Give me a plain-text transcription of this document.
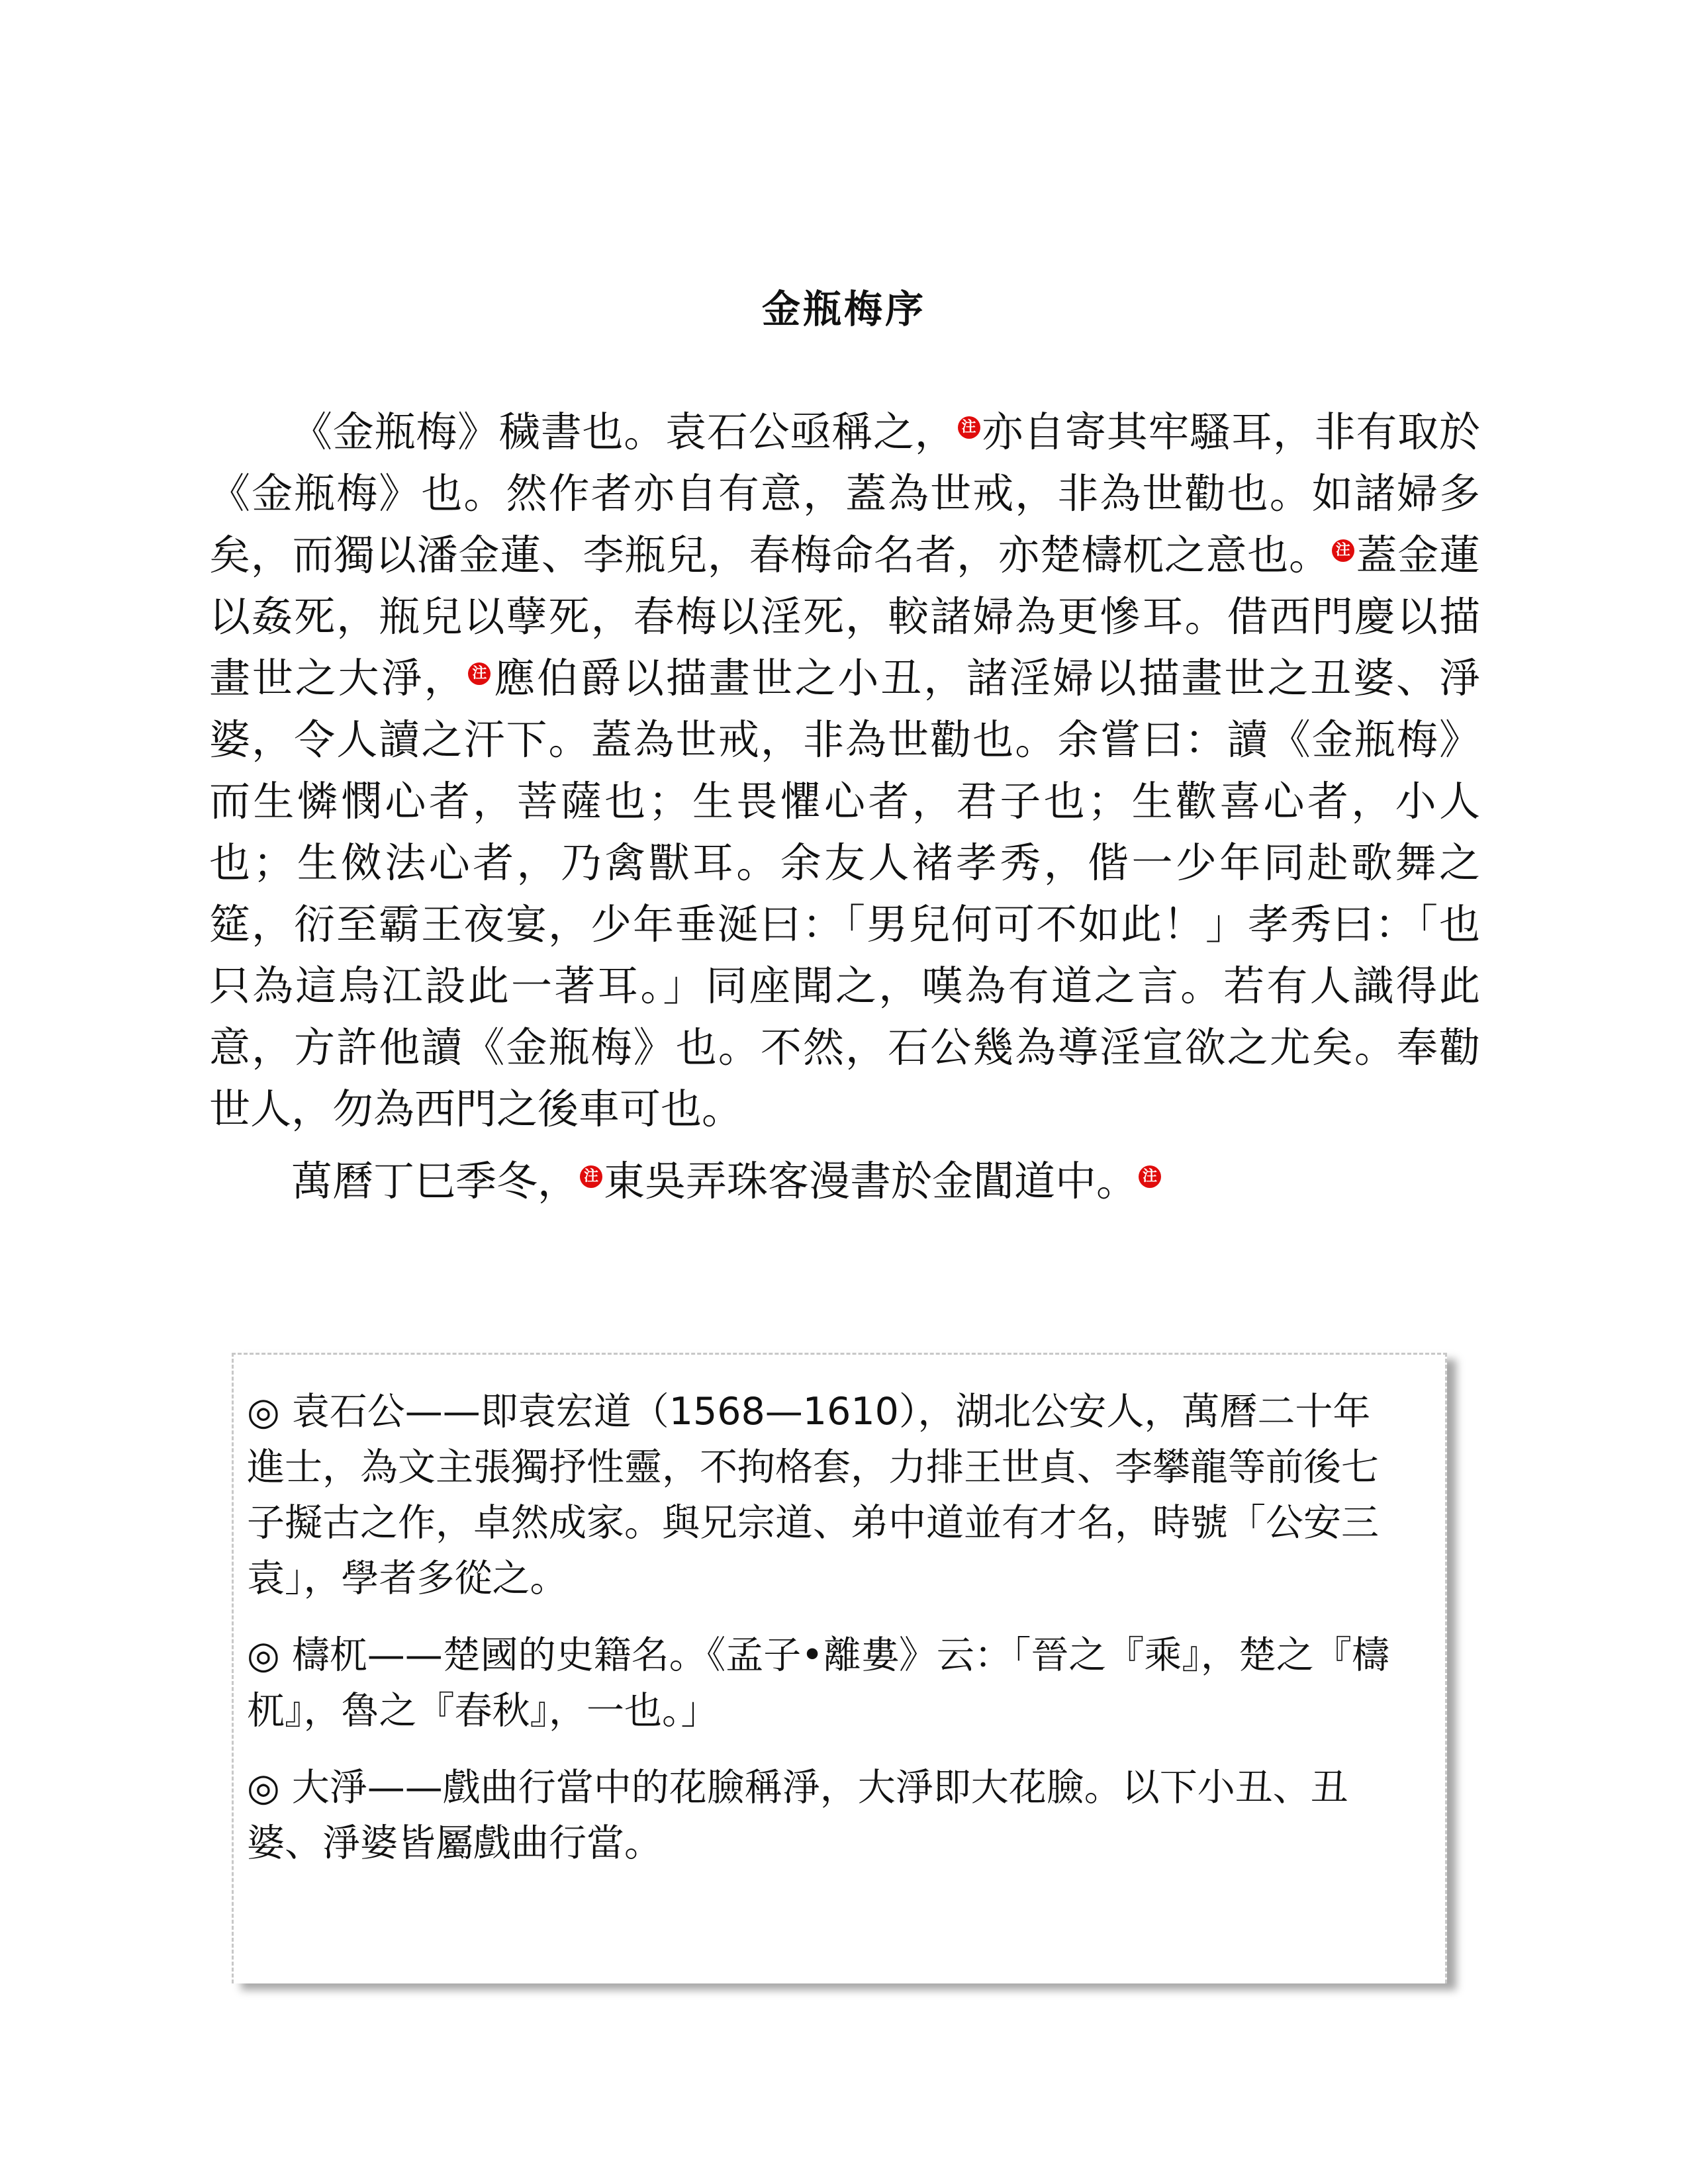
金瓶梅序

《金瓶梅》穢書也。袁石公亟稱之， 注 亦自寄其牢騷耳，非有取於《金瓶梅》也。然作者亦自有意，蓋為世戒，非為世勸也。如諸婦多矣，而獨以潘金蓮、李瓶兒，春梅命名者，亦楚檮杌之意也。 注 蓋金蓮以姦死，瓶兒以孽死，春梅以淫死，較諸婦為更慘耳。借西門慶以描畫世之大淨， 注 應伯爵以描畫世之小丑，諸淫婦以描畫世之丑婆、淨婆，令人讀之汗下。蓋為世戒，非為世勸也。余嘗曰：讀《金瓶梅》而生憐憫心者，菩薩也；生畏懼心者，君子也；生歡喜心者，小人也；生傚法心者，乃禽獸耳。余友人褚孝秀，偕一少年同赴歌舞之筵，衍至霸王夜宴，少年垂涎曰：「男兒何可不如此！」孝秀曰：「也只為這烏江設此一著耳。」同座聞之，嘆為有道之言。若有人識得此意，方許他讀《金瓶梅》也。不然，石公幾為導淫宣欲之尤矣。奉勸世人，勿為西門之後車可也。

萬曆丁巳季冬， 注 東吳弄珠客漫書於金閶道中。 注

◎ 袁石公——即袁宏道（1568—1610），湖北公安人，萬曆二十年進士，為文主張獨抒性靈，不拘格套，力排王世貞、李攀龍等前後七子擬古之作，卓然成家。與兄宗道、弟中道並有才名，時號「公安三袁」，學者多從之。

◎ 檮杌——楚國的史籍名。《孟子•離婁》云：「晉之『乘』，楚之『檮杌』，魯之『春秋』，一也。」

◎ 大淨——戲曲行當中的花臉稱淨，大淨即大花臉。以下小丑、丑婆、淨婆皆屬戲曲行當。
